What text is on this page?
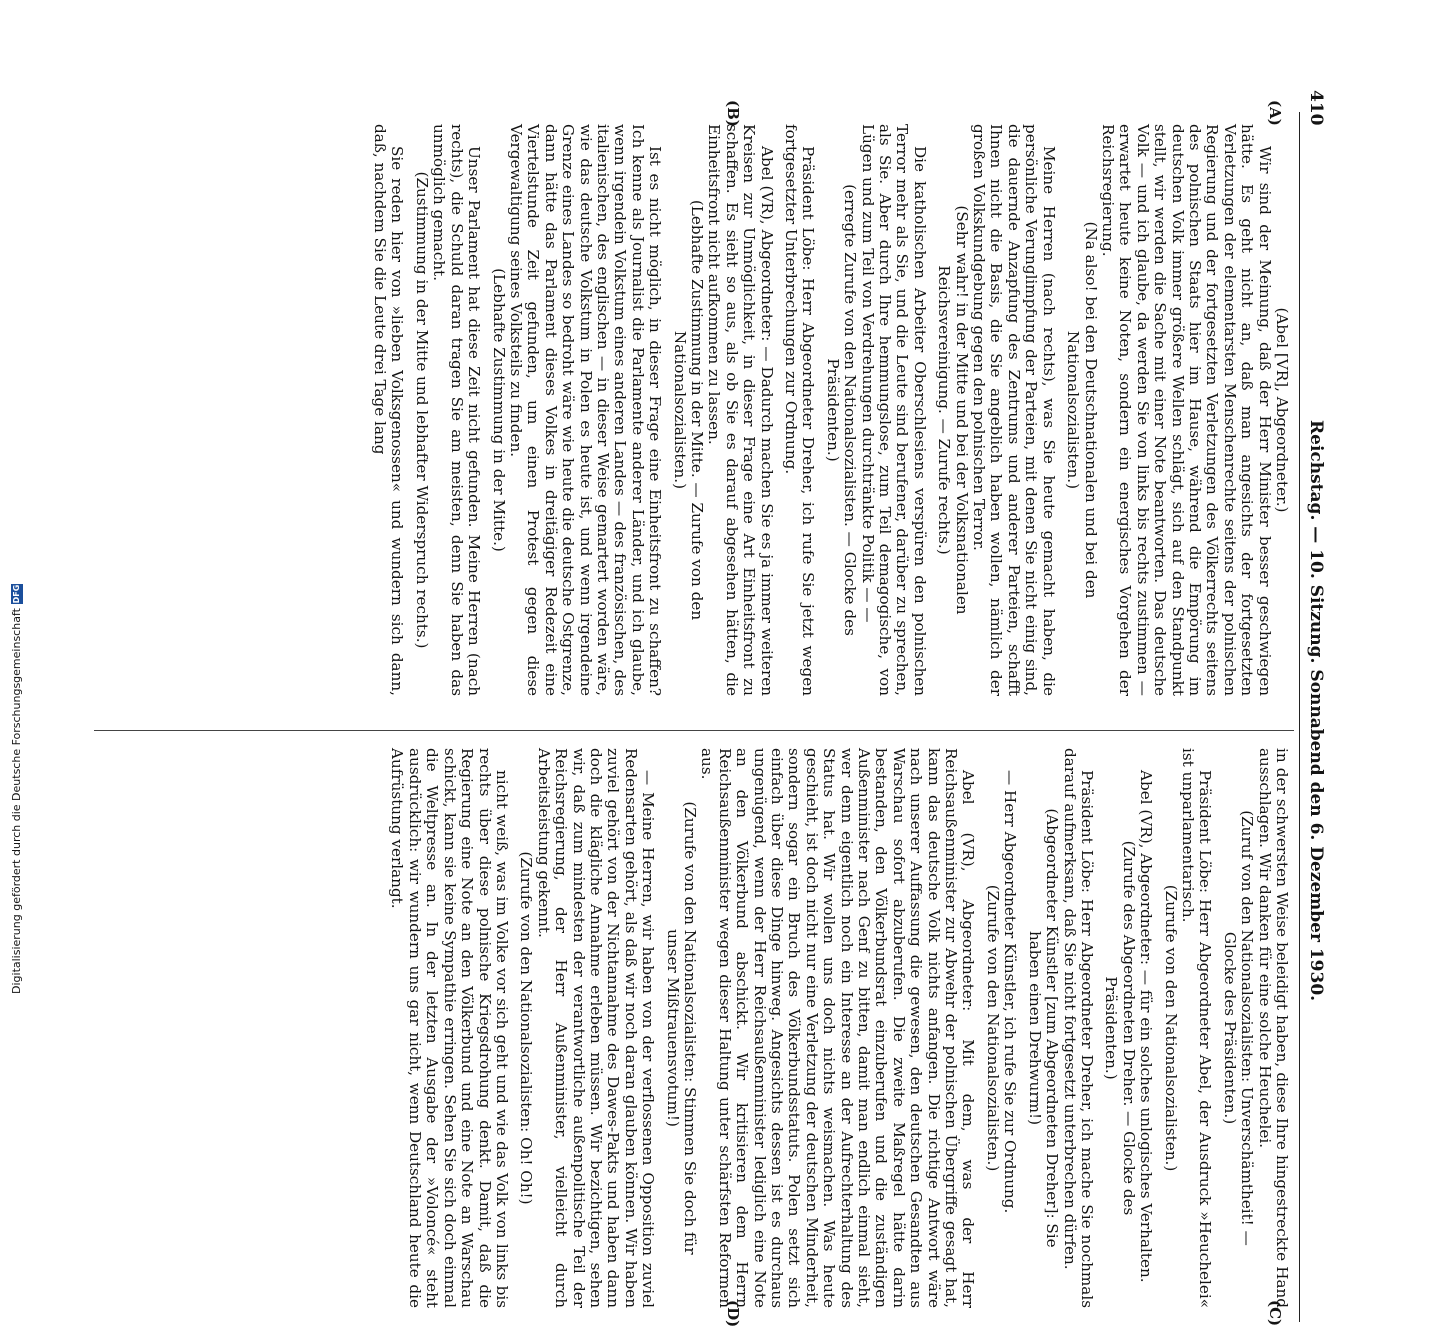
410
Reichstag. — 10. Sitzung. Sonnabend den 6. Dezember 1930.
(A)
(B)
(C)
(D)

(Abel [VR], Abgeordneter.)

Wir sind der Meinung, daß der Herr Minister besser geschwiegen hätte. Es geht nicht an, daß man angesichts der fortgesetzten Verletzungen der elementarsten Menschenrechte seitens der polnischen Regierung und der fortgesetzten Verletzungen des Völkerrechts seitens des polnischen Staats hier im Hause, während die Empörung im deutschen Volk immer größere Wellen schlägt, sich auf den Standpunkt stellt, wir werden die Sache mit einer Note beantworten. Das deutsche Volk — und ich glaube, da werden Sie von links bis rechts zustimmen — erwartet heute keine Noten, sondern ein energisches Vorgehen der Reichsregierung.

(Na also! bei den Deutschnationalen und bei den Nationalsozialisten.)

Meine Herren (nach rechts), was Sie heute gemacht haben, die persönliche Verunglimpfung der Parteien, mit denen Sie nicht einig sind, die dauernde Anzapfung des Zentrums und anderer Parteien, schafft Ihnen nicht die Basis, die Sie angeblich haben wollen, nämlich der großen Volkskundgebung gegen den polnischen Terror.

(Sehr wahr! in der Mitte und bei der Volksnationalen Reichsvereinigung. — Zurufe rechts.)

Die katholischen Arbeiter Oberschlesiens verspüren den polnischen Terror mehr als Sie, und die Leute sind berufener, darüber zu sprechen, als Sie. Aber durch Ihre hemmungslose, zum Teil demagogische, von Lügen und zum Teil von Verdrehungen durchtränkte Politik — —

(erregte Zurufe von den Nationalsozialisten. — Glocke des Präsidenten.)

Präsident Löbe: Herr Abgeordneter Dreher, ich rufe Sie jetzt wegen fortgesetzter Unterbrechungen zur Ordnung.

Abel (VR), Abgeordneter: — Dadurch machen Sie es ja immer weiteren Kreisen zur Unmöglichkeit, in dieser Frage eine Art Einheitsfront zu schaffen. Es sieht so aus, als ob Sie es darauf abgesehen hätten, die Einheitsfront nicht aufkommen zu lassen.

(Lebhafte Zustimmung in der Mitte. — Zurufe von den Nationalsozialisten.)

Ist es nicht möglich, in dieser Frage eine Einheitsfront zu schaffen? Ich kenne als Journalist die Parlamente anderer Länder, und ich glaube, wenn irgendein Volkstum eines anderen Landes — des französischen, des italienischen, des englischen — in dieser Weise gemartert worden wäre, wie das deutsche Volkstum in Polen es heute ist, und wenn irgendeine Grenze eines Landes so bedroht wäre wie heute die deutsche Ostgrenze, dann hätte das Parlament dieses Volkes in dreitägiger Redezeit eine Viertelstunde Zeit gefunden, um einen Protest gegen diese Vergewaltigung seines Volksteils zu finden.

(Lebhafte Zustimmung in der Mitte.)

Unser Parlament hat diese Zeit nicht gefunden. Meine Herren (nach rechts), die Schuld daran tragen Sie am meisten, denn Sie haben das unmöglich gemacht.

(Zustimmung in der Mitte und lebhafter Widerspruch rechts.)

Sie reden hier von »lieben Volksgenossen« und wundern sich dann, daß, nachdem Sie die Leute drei Tage lang

in der schwersten Weise beleidigt haben, diese Ihre hingestreckte Hand ausschlagen. Wir danken für eine solche Heuchelei.

(Zuruf von den Nationalsozialisten: Unverschämtheit! — Glocke des Präsidenten.)

Präsident Löbe: Herr Abgeordneter Abel, der Ausdruck »Heuchelei« ist unparlamentarisch.

(Zurufe von den Nationalsozialisten.)

Abel (VR), Abgeordneter: — für ein solches unlogisches Verhalten.

(Zurufe des Abgeordneten Dreher. — Glocke des Präsidenten.)

Präsident Löbe: Herr Abgeordneter Dreher, ich mache Sie nochmals darauf aufmerksam, daß Sie nicht fortgesetzt unterbrechen dürfen.

(Abgeordneter Künstler [zum Abgeordneten Dreher]: Sie haben einen Drehwurm!)

— Herr Abgeordneter Künstler, ich rufe Sie zur Ordnung.

(Zurufe von den Nationalsozialisten.)

Abel (VR), Abgeordneter: Mit dem, was der Herr Reichsaußenminister zur Abwehr der polnischen Übergriffe gesagt hat, kann das deutsche Volk nichts anfangen. Die richtige Antwort wäre nach unserer Auffassung die gewesen, den deutschen Gesandten aus Warschau sofort abzuberufen. Die zweite Maßregel hätte darin bestanden, den Völkerbundsrat einzuberufen und die zuständigen Außenminister nach Genf zu bitten, damit man endlich einmal sieht, wer denn eigentlich noch ein Interesse an der Aufrechterhaltung des Status hat. Wir wollen uns doch nichts weismachen. Was heute geschieht, ist doch nicht nur eine Verletzung der deutschen Minderheit, sondern sogar ein Bruch des Völkerbundsstatuts. Polen setzt sich einfach über diese Dinge hinweg. Angesichts dessen ist es durchaus ungenügend, wenn der Herr Reichsaußenminister lediglich eine Note an den Völkerbund abschickt. Wir kritisieren dem Herrn Reichsaußenminister wegen dieser Haltung unter schärfsten Reformen aus.

(Zurufe von den Nationalsozialisten: Stimmen Sie doch für unser Mißtrauensvotum!)

— Meine Herren, wir haben von der verflossenen Opposition zuviel Redensarten gehört, als daß wir noch daran glauben können. Wir haben zuviel gehört von der Nichtannahme des Dawes-Pakts und haben dann doch die klägliche Annahme erleben müssen. Wir bezichtigen, sehen wir, daß zum mindesten der verantwortliche außenpolitische Teil der Reichsregierung, der Herr Außenminister, vielleicht durch Arbeitsleistung gekennt.

(Zurufe von den Nationalsozialisten: Oh! Oh!)

nicht weiß, was im Volke vor sich geht und wie das Volk von links bis rechts über diese polnische Kriegsdrohung denkt. Damit, daß die Regierung eine Note an den Völkerbund und eine Note an Warschau schickt, kann sie keine Sympathie erringen. Sehen Sie sich doch einmal die Weltpresse an. In der letzten Ausgabe der »Voloncé« steht ausdrücklich: wir wundern uns gar nicht, wenn Deutschland heute die Aufrüstung verlangt.

Digitalisierung gefördert durch die Deutsche ForschungsgemeinschaftDFG
